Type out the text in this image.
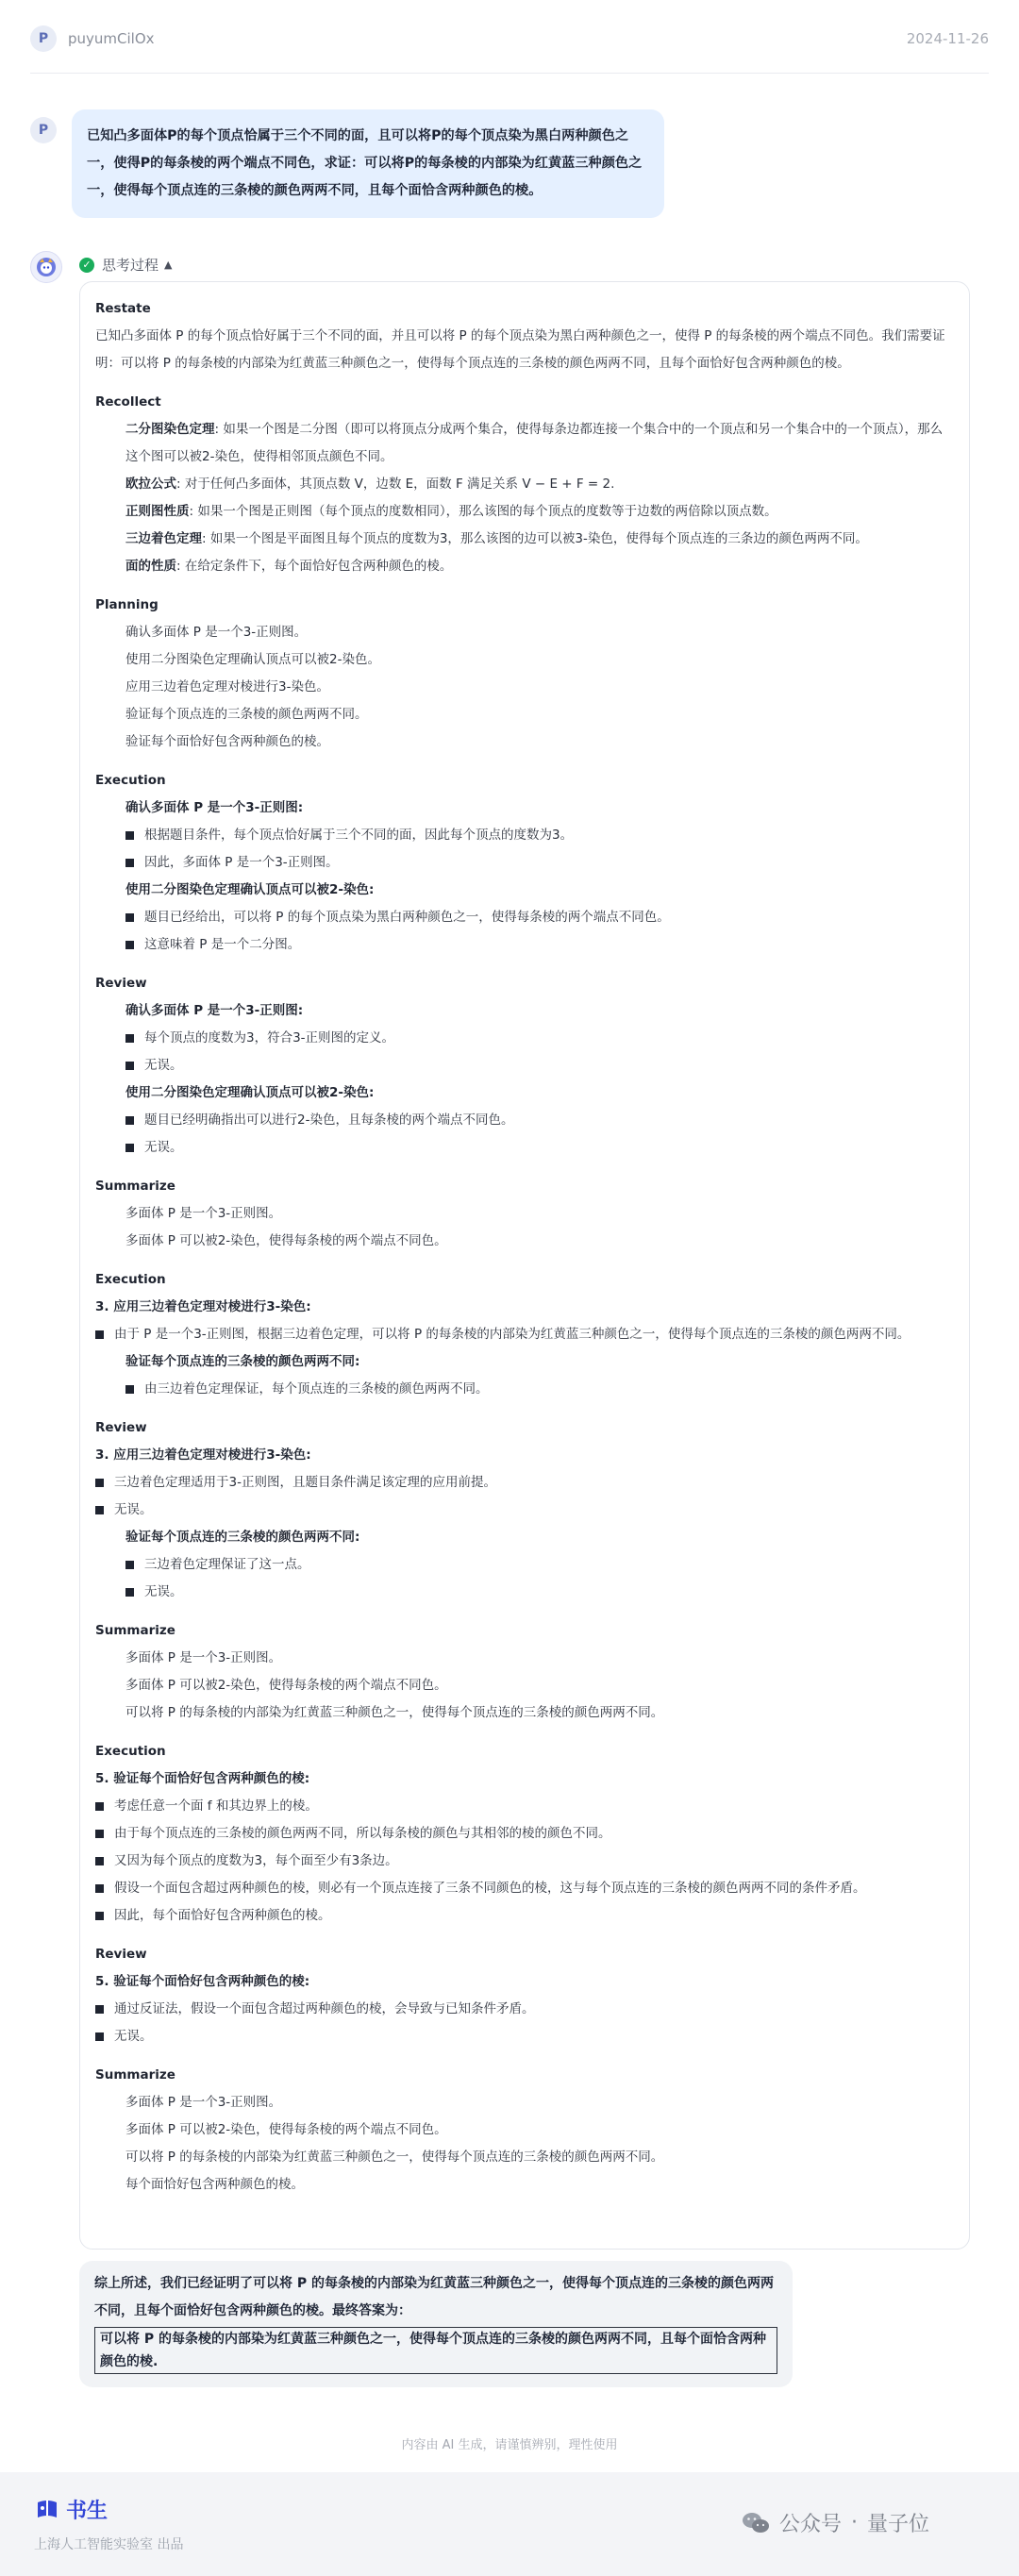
P	puyumCilOx	2024-11-26
P	已知凸多面体P的每个顶点恰属于三个不同的面，且可以将P的每个顶点染为黑白两种颜色之一，使得P的每条棱的两个端点不同色，求证：可以将P的每条棱的内部染为红黄蓝三种颜色之一，使得每个顶点连的三条棱的颜色两两不同，且每个面恰含两种颜色的棱。
✓ 思考过程 ▲
Restate
已知凸多面体 P 的每个顶点恰好属于三个不同的面，并且可以将 P 的每个顶点染为黑白两种颜色之一，使得 P 的每条棱的两个端点不同色。我们需要证明：可以将 P 的每条棱的内部染为红黄蓝三种颜色之一，使得每个顶点连的三条棱的颜色两两不同，且每个面恰好包含两种颜色的棱。
Recollect
二分图染色定理: 如果一个图是二分图（即可以将顶点分成两个集合，使得每条边都连接一个集合中的一个顶点和另一个集合中的一个顶点），那么这个图可以被2-染色，使得相邻顶点颜色不同。
欧拉公式: 对于任何凸多面体，其顶点数 V，边数 E，面数 F 满足关系 V − E + F = 2.
正则图性质: 如果一个图是正则图（每个顶点的度数相同），那么该图的每个顶点的度数等于边数的两倍除以顶点数。
三边着色定理: 如果一个图是平面图且每个顶点的度数为3，那么该图的边可以被3-染色，使得每个顶点连的三条边的颜色两两不同。
面的性质: 在给定条件下，每个面恰好包含两种颜色的棱。
Planning
确认多面体 P 是一个3-正则图。
使用二分图染色定理确认顶点可以被2-染色。
应用三边着色定理对棱进行3-染色。
验证每个顶点连的三条棱的颜色两两不同。
验证每个面恰好包含两种颜色的棱。
Execution
确认多面体 P 是一个3-正则图:
根据题目条件，每个顶点恰好属于三个不同的面，因此每个顶点的度数为3。
因此，多面体 P 是一个3-正则图。
使用二分图染色定理确认顶点可以被2-染色:
题目已经给出，可以将 P 的每个顶点染为黑白两种颜色之一，使得每条棱的两个端点不同色。
这意味着 P 是一个二分图。
Review
确认多面体 P 是一个3-正则图:
每个顶点的度数为3，符合3-正则图的定义。
无误。
使用二分图染色定理确认顶点可以被2-染色:
题目已经明确指出可以进行2-染色，且每条棱的两个端点不同色。
无误。
Summarize
多面体 P 是一个3-正则图。
多面体 P 可以被2-染色，使得每条棱的两个端点不同色。
Execution
3. 应用三边着色定理对棱进行3-染色:
由于 P 是一个3-正则图，根据三边着色定理，可以将 P 的每条棱的内部染为红黄蓝三种颜色之一，使得每个顶点连的三条棱的颜色两两不同。
验证每个顶点连的三条棱的颜色两两不同:
由三边着色定理保证，每个顶点连的三条棱的颜色两两不同。
Review
3. 应用三边着色定理对棱进行3-染色:
三边着色定理适用于3-正则图，且题目条件满足该定理的应用前提。
无误。
验证每个顶点连的三条棱的颜色两两不同:
三边着色定理保证了这一点。
无误。
Summarize
多面体 P 是一个3-正则图。
多面体 P 可以被2-染色，使得每条棱的两个端点不同色。
可以将 P 的每条棱的内部染为红黄蓝三种颜色之一，使得每个顶点连的三条棱的颜色两两不同。
Execution
5. 验证每个面恰好包含两种颜色的棱:
考虑任意一个面 f 和其边界上的棱。
由于每个顶点连的三条棱的颜色两两不同，所以每条棱的颜色与其相邻的棱的颜色不同。
又因为每个顶点的度数为3，每个面至少有3条边。
假设一个面包含超过两种颜色的棱，则必有一个顶点连接了三条不同颜色的棱，这与每个顶点连的三条棱的颜色两两不同的条件矛盾。
因此，每个面恰好包含两种颜色的棱。
Review
5. 验证每个面恰好包含两种颜色的棱:
通过反证法，假设一个面包含超过两种颜色的棱，会导致与已知条件矛盾。
无误。
Summarize
多面体 P 是一个3-正则图。
多面体 P 可以被2-染色，使得每条棱的两个端点不同色。
可以将 P 的每条棱的内部染为红黄蓝三种颜色之一，使得每个顶点连的三条棱的颜色两两不同。
每个面恰好包含两种颜色的棱。
综上所述，我们已经证明了可以将 P 的每条棱的内部染为红黄蓝三种颜色之一，使得每个顶点连的三条棱的颜色两两不同，且每个面恰好包含两种颜色的棱。最终答案为：
可以将 P 的每条棱的内部染为红黄蓝三种颜色之一，使得每个顶点连的三条棱的颜色两两不同，且每个面恰含两种颜色的棱.
内容由 AI 生成，请谨慎辨别，理性使用
书生
上海人工智能实验室 出品
公众号 · 量子位
